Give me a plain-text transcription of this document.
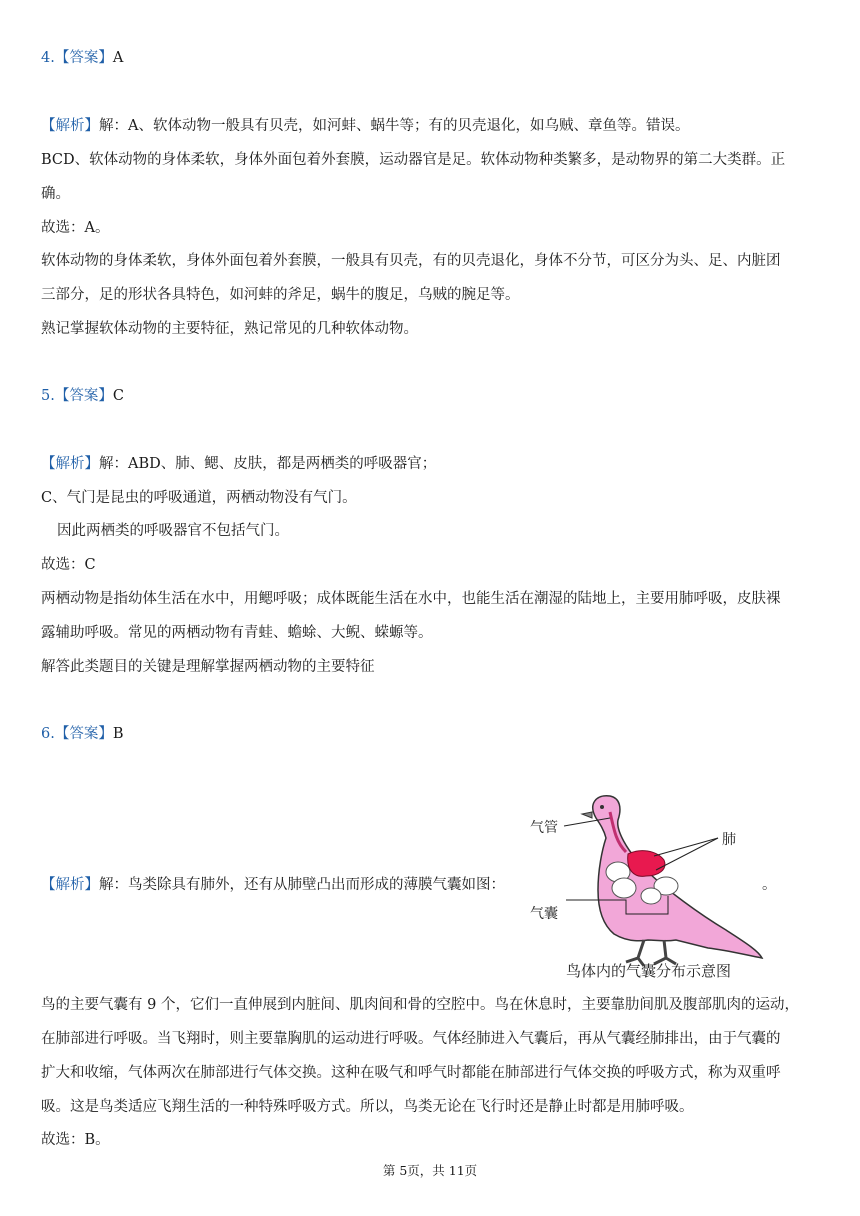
4.【答案】A
【解析】解：A、软体动物一般具有贝壳，如河蚌、蜗牛等；有的贝壳退化，如乌贼、章鱼等。错误。
BCD、软体动物的身体柔软，身体外面包着外套膜，运动器官是足。软体动物种类繁多，是动物界的第二大类群。正
确。
故选：A。
软体动物的身体柔软，身体外面包着外套膜，一般具有贝壳，有的贝壳退化，身体不分节，可区分为头、足、内脏团
三部分，足的形状各具特色，如河蚌的斧足，蜗牛的腹足，乌贼的腕足等。
熟记掌握软体动物的主要特征，熟记常见的几种软体动物。
5.【答案】C
【解析】解：ABD、肺、鳃、皮肤，都是两栖类的呼吸器官；
C、气门是昆虫的呼吸通道，两栖动物没有气门。
因此两栖类的呼吸器官不包括气门。
故选：C
两栖动物是指幼体生活在水中，用鳃呼吸；成体既能生活在水中，也能生活在潮湿的陆地上，主要用肺呼吸，皮肤裸
露辅助呼吸。常见的两栖动物有青蛙、蟾蜍、大鲵、蝾螈等。
解答此类题目的关键是理解掌握两栖动物的主要特征
6.【答案】B
【解析】解：鸟类除具有肺外，还有从肺壁凸出而形成的薄膜气囊如图：	。
气管
肺
气囊
鸟体内的气囊分布示意图
鸟的主要气囊有 9 个，它们一直伸展到内脏间、肌肉间和骨的空腔中。鸟在休息时，主要靠肋间肌及腹部肌肉的运动，
在肺部进行呼吸。当飞翔时，则主要靠胸肌的运动进行呼吸。气体经肺进入气囊后，再从气囊经肺排出，由于气囊的
扩大和收缩，气体两次在肺部进行气体交换。这种在吸气和呼气时都能在肺部进行气体交换的呼吸方式，称为双重呼
吸。这是鸟类适应飞翔生活的一种特殊呼吸方式。所以，鸟类无论在飞行时还是静止时都是用肺呼吸。
故选：B。
第 5页，共 11页
